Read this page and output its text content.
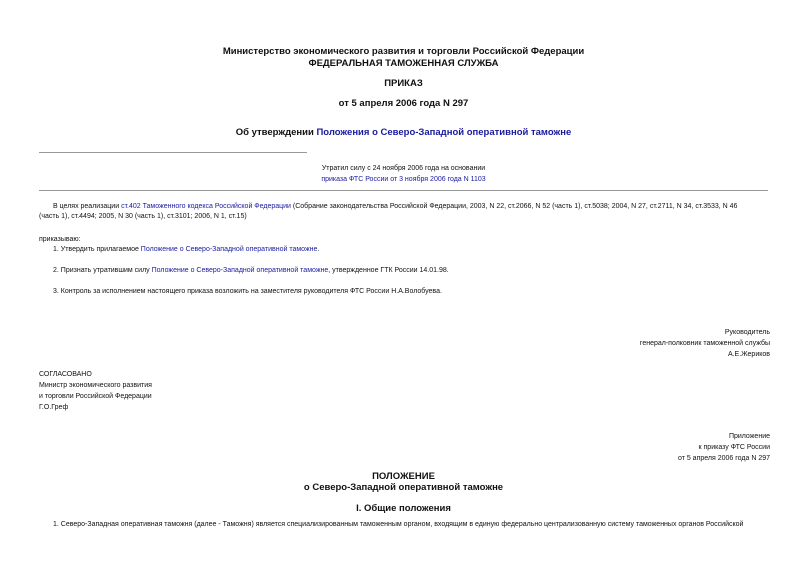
Министерство экономического развития и торговли Российской Федерации
ФЕДЕРАЛЬНАЯ ТАМОЖЕННАЯ СЛУЖБА
ПРИКАЗ
от 5 апреля 2006 года N 297
Об утверждении Положения о Северо-Западной оперативной таможне
Утратил силу с 24 ноября 2006 года на основании
приказа ФТС России от 3 ноября 2006 года N 1103
В целях реализации ст.402 Таможенного кодекса Российской Федерации (Собрание законодательства Российской Федерации, 2003, N 22, ст.2066, N 52 (часть 1), ст.5038; 2004, N 27, ст.2711, N 34, ст.3533, N 46
(часть 1), ст.4494; 2005, N 30 (часть 1), ст.3101; 2006, N 1, ст.15)
приказываю:
1. Утвердить прилагаемое Положение о Северо-Западной оперативной таможне.
2. Признать утратившим силу Положение о Северо-Западной оперативной таможне, утвержденное ГТК России 14.01.98.
3. Контроль за исполнением настоящего приказа возложить на заместителя руководителя ФТС России Н.А.Волобуева.

Руководитель

генерал-полковник таможенной службы

А.Е.Жериков

СОГЛАСОВАНО

Министр экономического развития

и торговли Российской Федерации

Г.О.Греф

Приложение

к приказу ФТС России

от 5 апреля 2006 года N 297

ПОЛОЖЕНИЕ
о Северо-Западной оперативной таможне
I. Общие положения
1. Северо-Западная оперативная таможня (далее - Таможня) является специализированным таможенным органом, входящим в единую федерально централизованную систему таможенных органов Российской
